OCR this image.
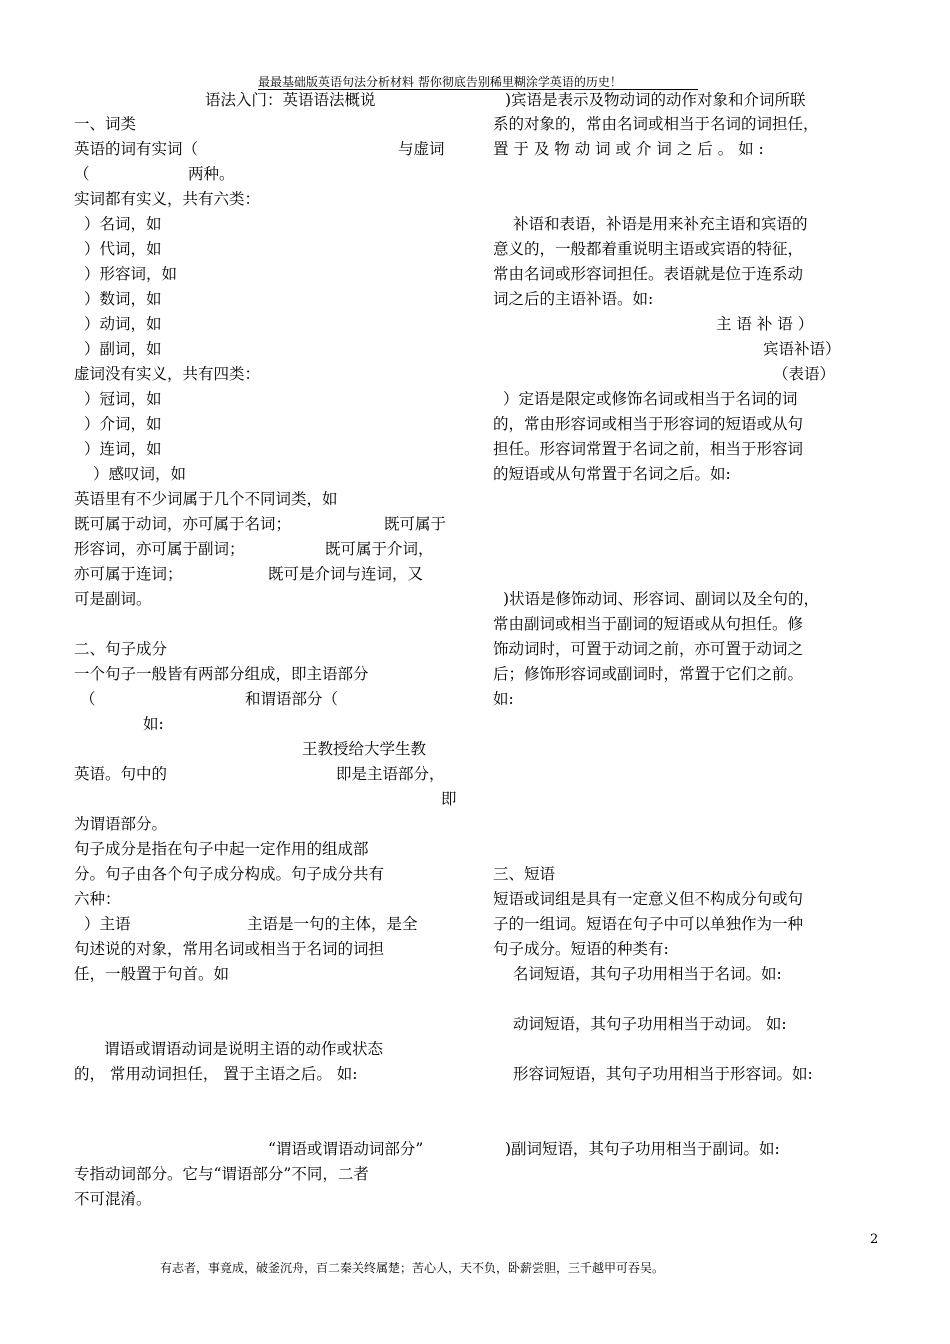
最最基础版英语句法分析材料 帮你彻底告别稀里糊涂学英语的历史！
语法入门：英语语法概说
一、词类
英语的词有实词（	与虚词
（	两种。
实词都有实义，共有六类：
）名词，如
）代词，如
）形容词，如
）数词，如
）动词，如
）副词，如
虚词没有实义，共有四类：
）冠词，如
）介词，如
）连词，如
）感叹词，如
英语里有不少词属于几个不同词类，如
既可属于动词，亦可属于名词；	既可属于
形容词，亦可属于副词；	既可属于介词，
亦可属于连词；	既可是介词与连词，又
可是副词。
二、句子成分
一个句子一般皆有两部分组成，即主语部分
（	和谓语部分（
如:
王教授给大学生教
英语。句中的	即是主语部分，
即
为谓语部分。
句子成分是指在句子中起一定作用的组成部
分。句子由各个句子成分构成。句子成分共有
六种：
）主语	主语是一句的主体，是全
句述说的对象，常用名词或相当于名词的词担
任，一般置于句首。如
谓语或谓语动词是说明主语的动作或状态
的， 常用动词担任， 置于主语之后。 如:
“谓语或谓语动词部分”
专指动词部分。它与“谓语部分”不同，二者
不可混淆。
)宾语是表示及物动词的动作对象和介词所联
系的对象的，常由名词或相当于名词的词担任，
置 于 及 物 动 词 或 介 词 之 后 。 如 :
补语和表语，补语是用来补充主语和宾语的
意义的，一般都着重说明主语或宾语的特征，
常由名词或形容词担任。表语就是位于连系动
词之后的主语补语。如:
主 语 补 语 ）
宾语补语）
（表语）
）定语是限定或修饰名词或相当于名词的词
的，常由形容词或相当于形容词的短语或从句
担任。形容词常置于名词之前，相当于形容词
的短语或从句常置于名词之后。如:
)状语是修饰动词、形容词、副词以及全句的，
常由副词或相当于副词的短语或从句担任。修
饰动词时，可置于动词之前，亦可置于动词之
后；修饰形容词或副词时，常置于它们之前。
如:
三、短语
短语或词组是具有一定意义但不构成分句或句
子的一组词。短语在句子中可以单独作为一种
句子成分。短语的种类有:
名词短语，其句子功用相当于名词。如:
动词短语，其句子功用相当于动词。 如:
形容词短语，其句子功用相当于形容词。如:
)副词短语，其句子功用相当于副词。如:
2
有志者，事竟成，破釜沉舟，百二秦关终属楚；苦心人，天不负，卧薪尝胆，三千越甲可吞吴。
